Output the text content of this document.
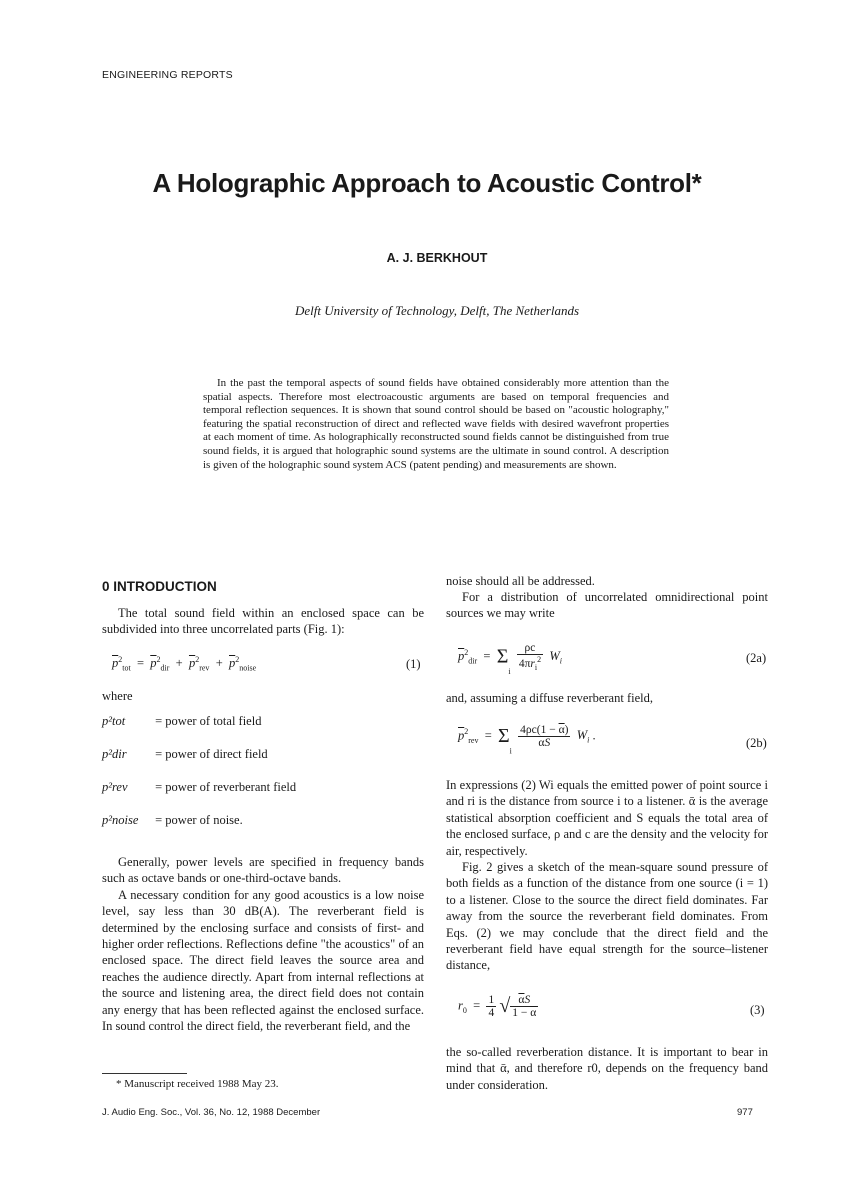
ENGINEERING REPORTS
A Holographic Approach to Acoustic Control*
A. J. BERKHOUT
Delft University of Technology, Delft, The Netherlands

In the past the temporal aspects of sound fields have obtained considerably more attention than the spatial aspects. Therefore most electroacoustic arguments are based on temporal frequencies and temporal reflection sequences. It is shown that sound control should be based on "acoustic holography," featuring the spatial reconstruction of direct and reflected wave fields with desired wavefront properties at each moment of time. As holographically reconstructed sound fields cannot be distinguished from true sound fields, it is argued that holographic sound systems are the ultimate in sound control. A description is given of the holographic sound system ACS (patent pending) and measurements are shown.

0 INTRODUCTION

The total sound field within an enclosed space can be subdivided into three uncorrelated parts (Fig. 1):

$\overline{p}^2_{tot} = \overline{p}^2_{dir} + \overline{p}^2_{rev} + \overline{p}^2_{noise}$	(1)
where
p²tot = power of total field
p²dir = power of direct field
p²rev = power of reverberant field
p²noise = power of noise.

Generally, power levels are specified in frequency bands such as octave bands or one-third-octave bands.

A necessary condition for any good acoustics is a low noise level, say less than 30 dB(A). The reverberant field is determined by the enclosing surface and consists of first- and higher order reflections. Reflections define "the acoustics" of an enclosed space. The direct field leaves the source area and reaches the audience directly. Apart from internal reflections at the source and listening area, the direct field does not contain any energy that has been reflected against the enclosed surface. In sound control the direct field, the reverberant field, and the

* Manuscript received 1988 May 23.
J. Audio Eng. Soc., Vol. 36, No. 12, 1988 December	977

noise should all be addressed.

For a distribution of uncorrelated omnidirectional point sources we may write

$\overline{p}^2_{dir} = \Sigma_i \frac{\rho c}{4\pi r_i^2} W_i$	(2a)

and, assuming a diffuse reverberant field,

$\overline{p}^2_{rev} = \Sigma_i$
$\frac{4\rho c(1 - \overline{\alpha})}{\overline{\alpha}S} W_i$ .
(2b)

In expressions (2) Wi equals the emitted power of point source i and ri is the distance from source i to a listener. ᾱ is the average statistical absorption coefficient and S equals the total area of the enclosed surface, ρ and c are the density and the velocity for air, respectively.

Fig. 2 gives a sketch of the mean-square sound pressure of both fields as a function of the distance from one source (i = 1) to a listener. Close to the source the direct field dominates. Far away from the source the reverberant field dominates. From Eqs. (2) we may conclude that the direct field and the reverberant field have equal strength for the source–listener distance,

$r_0 = \frac{1}{4}$ √ $\frac{\alpha S}{1 - \overline{\alpha}}$	(3)

the so-called reverberation distance. It is important to bear in mind that ᾱ, and therefore r0, depends on the frequency band under consideration.
